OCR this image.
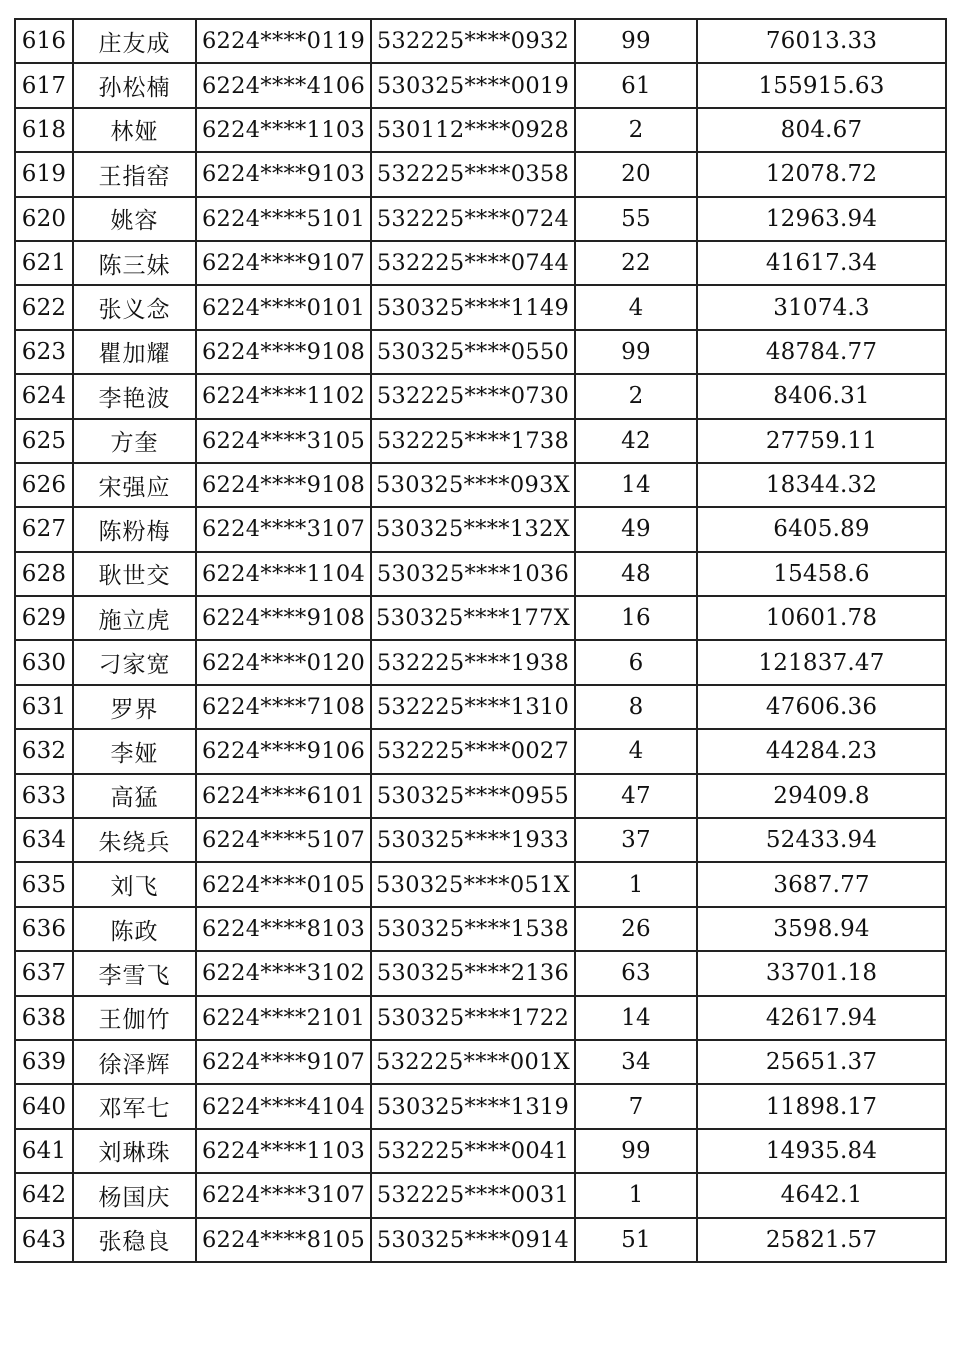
616	庄友成	6224****0119	532225****0932	99	76013.33
617	孙松楠	6224****4106	530325****0019	61	155915.63
618	林娅	6224****1103	530112****0928	2	804.67
619	王指窑	6224****9103	532225****0358	20	12078.72
620	姚容	6224****5101	532225****0724	55	12963.94
621	陈三妹	6224****9107	532225****0744	22	41617.34
622	张义念	6224****0101	530325****1149	4	31074.3
623	瞿加耀	6224****9108	530325****0550	99	48784.77
624	李艳波	6224****1102	532225****0730	2	8406.31
625	方奎	6224****3105	532225****1738	42	27759.11
626	宋强应	6224****9108	530325****093X	14	18344.32
627	陈粉梅	6224****3107	530325****132X	49	6405.89
628	耿世交	6224****1104	530325****1036	48	15458.6
629	施立虎	6224****9108	530325****177X	16	10601.78
630	刁家宽	6224****0120	532225****1938	6	121837.47
631	罗界	6224****7108	532225****1310	8	47606.36
632	李娅	6224****9106	532225****0027	4	44284.23
633	高猛	6224****6101	530325****0955	47	29409.8
634	朱绕兵	6224****5107	530325****1933	37	52433.94
635	刘飞	6224****0105	530325****051X	1	3687.77
636	陈政	6224****8103	530325****1538	26	3598.94
637	李雪飞	6224****3102	530325****2136	63	33701.18
638	王伽竹	6224****2101	530325****1722	14	42617.94
639	徐泽辉	6224****9107	532225****001X	34	25651.37
640	邓军七	6224****4104	530325****1319	7	11898.17
641	刘琳珠	6224****1103	532225****0041	99	14935.84
642	杨国庆	6224****3107	532225****0031	1	4642.1
643	张稳良	6224****8105	530325****0914	51	25821.57
